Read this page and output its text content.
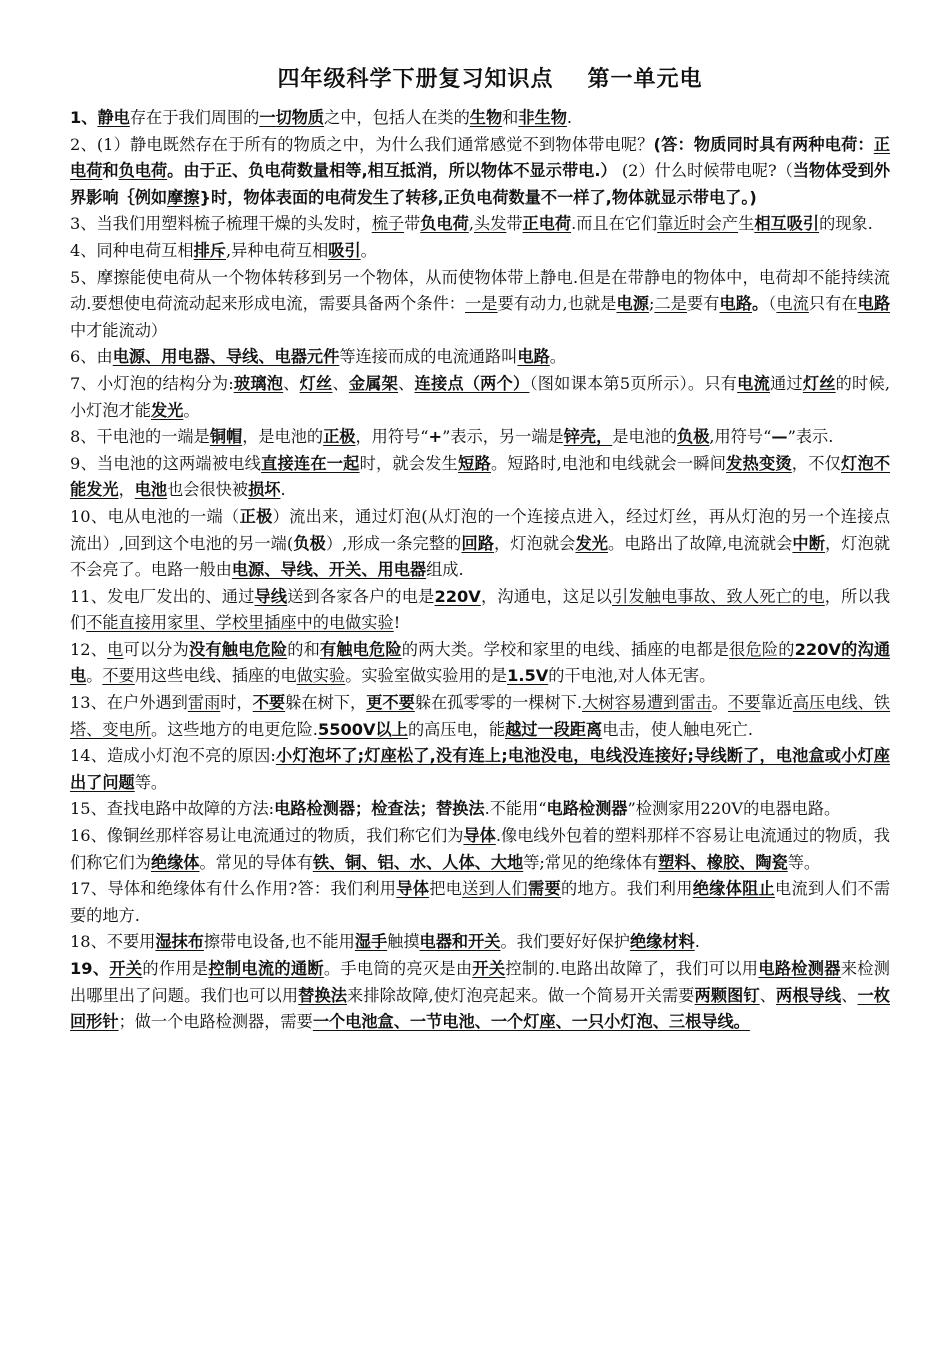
四年级科学下册复习知识点 第一单元电

1、静电存在于我们周围的一切物质之中，包括人在类的生物和非生物.

2、(1）静电既然存在于所有的物质之中，为什么我们通常感觉不到物体带电呢？(答：物质同时具有两种电荷：正电荷和负电荷。由于正、负电荷数量相等,相互抵消，所以物体不显示带电.） (2）什么时候带电呢?（当物体受到外界影响｛例如摩擦}时，物体表面的电荷发生了转移,正负电荷数量不一样了,物体就显示带电了。)

3、当我们用塑料梳子梳理干燥的头发时，梳子带负电荷,头发带正电荷.而且在它们靠近时会产生相互吸引的现象.

4、同种电荷互相排斥,异种电荷互相吸引。

5、摩擦能使电荷从一个物体转移到另一个物体，从而使物体带上静电.但是在带静电的物体中，电荷却不能持续流动.要想使电荷流动起来形成电流，需要具备两个条件：一是要有动力,也就是电源;二是要有电路。（电流只有在电路中才能流动）

6、由电源、用电器、导线、电器元件等连接而成的电流通路叫电路。

7、小灯泡的结构分为:玻璃泡、灯丝、金属架、连接点（两个）（图如课本第5页所示）。只有电流通过灯丝的时候,小灯泡才能发光。

8、干电池的一端是铜帽，是电池的正极，用符号“+”表示，另一端是锌壳，是电池的负极,用符号“—”表示.

9、当电池的这两端被电线直接连在一起时，就会发生短路。短路时,电池和电线就会一瞬间发热变烫，不仅灯泡不能发光，电池也会很快被损坏.

10、电从电池的一端（正极）流出来，通过灯泡(从灯泡的一个连接点进入，经过灯丝，再从灯泡的另一个连接点流出）,回到这个电池的另一端(负极）,形成一条完整的回路，灯泡就会发光。电路出了故障,电流就会中断，灯泡就不会亮了。电路一般由电源、导线、开关、用电器组成.

11、发电厂发出的、通过导线送到各家各户的电是220V，沟通电，这足以引发触电事故、致人死亡的电，所以我们不能直接用家里、学校里插座中的电做实验!

12、电可以分为没有触电危险的和有触电危险的两大类。学校和家里的电线、插座的电都是很危险的220V的沟通电。不要用这些电线、插座的电做实验。实验室做实验用的是1.5V的干电池,对人体无害。

13、在户外遇到雷雨时，不要躲在树下，更不要躲在孤零零的一棵树下.大树容易遭到雷击。不要靠近高压电线、铁塔、变电所。这些地方的电更危险.5500V以上的高压电，能越过一段距离电击，使人触电死亡.

14、造成小灯泡不亮的原因:小灯泡坏了;灯座松了,没有连上;电池没电，电线没连接好;导线断了，电池盒或小灯座出了问题等。

15、查找电路中故障的方法:电路检测器；检查法；替换法.不能用“电路检测器”检测家用220V的电器电路。

16、像铜丝那样容易让电流通过的物质，我们称它们为导体.像电线外包着的塑料那样不容易让电流通过的物质，我们称它们为绝缘体。常见的导体有铁、铜、铝、水、人体、大地等;常见的绝缘体有塑料、橡胶、陶瓷等。

17、导体和绝缘体有什么作用?答：我们利用导体把电送到人们需要的地方。我们利用绝缘体阻止电流到人们不需要的地方.

18、不要用湿抹布擦带电设备,也不能用湿手触摸电器和开关。我们要好好保护绝缘材料.

19、开关的作用是控制电流的通断。手电筒的亮灭是由开关控制的.电路出故障了，我们可以用电路检测器来检测出哪里出了问题。我们也可以用替换法来排除故障,使灯泡亮起来。做一个简易开关需要两颗图钉、两根导线、一枚回形针；做一个电路检测器，需要一个电池盒、一节电池、一个灯座、一只小灯泡、三根导线。
